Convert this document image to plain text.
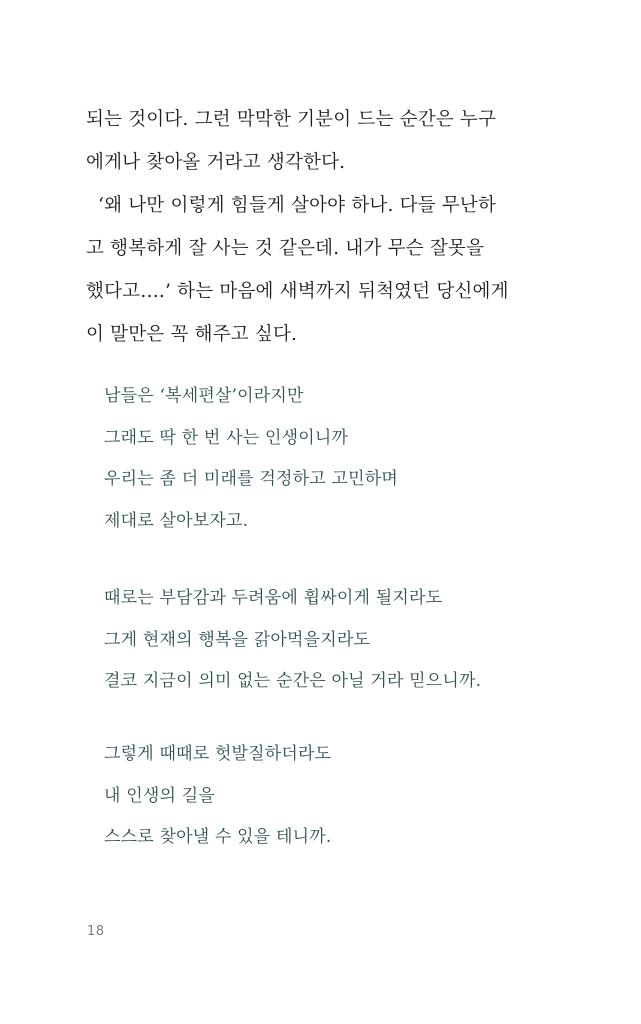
되는 것이다. 그런 막막한 기분이 드는 순간은 누구
에게나 찾아올 거라고 생각한다.
‘왜 나만 이렇게 힘들게 살아야 하나. 다들 무난하
고 행복하게 잘 사는 것 같은데. 내가 무슨 잘못을
했다고….’ 하는 마음에 새벽까지 뒤척였던 당신에게
이 말만은 꼭 해주고 싶다.
남들은 ‘복세편살’이라지만
그래도 딱 한 번 사는 인생이니까
우리는 좀 더 미래를 걱정하고 고민하며
제대로 살아보자고.
때로는 부담감과 두려움에 휩싸이게 될지라도
그게 현재의 행복을 갉아먹을지라도
결코 지금이 의미 없는 순간은 아닐 거라 믿으니까.
그렇게 때때로 헛발질하더라도
내 인생의 길을
스스로 찾아낼 수 있을 테니까.
18
